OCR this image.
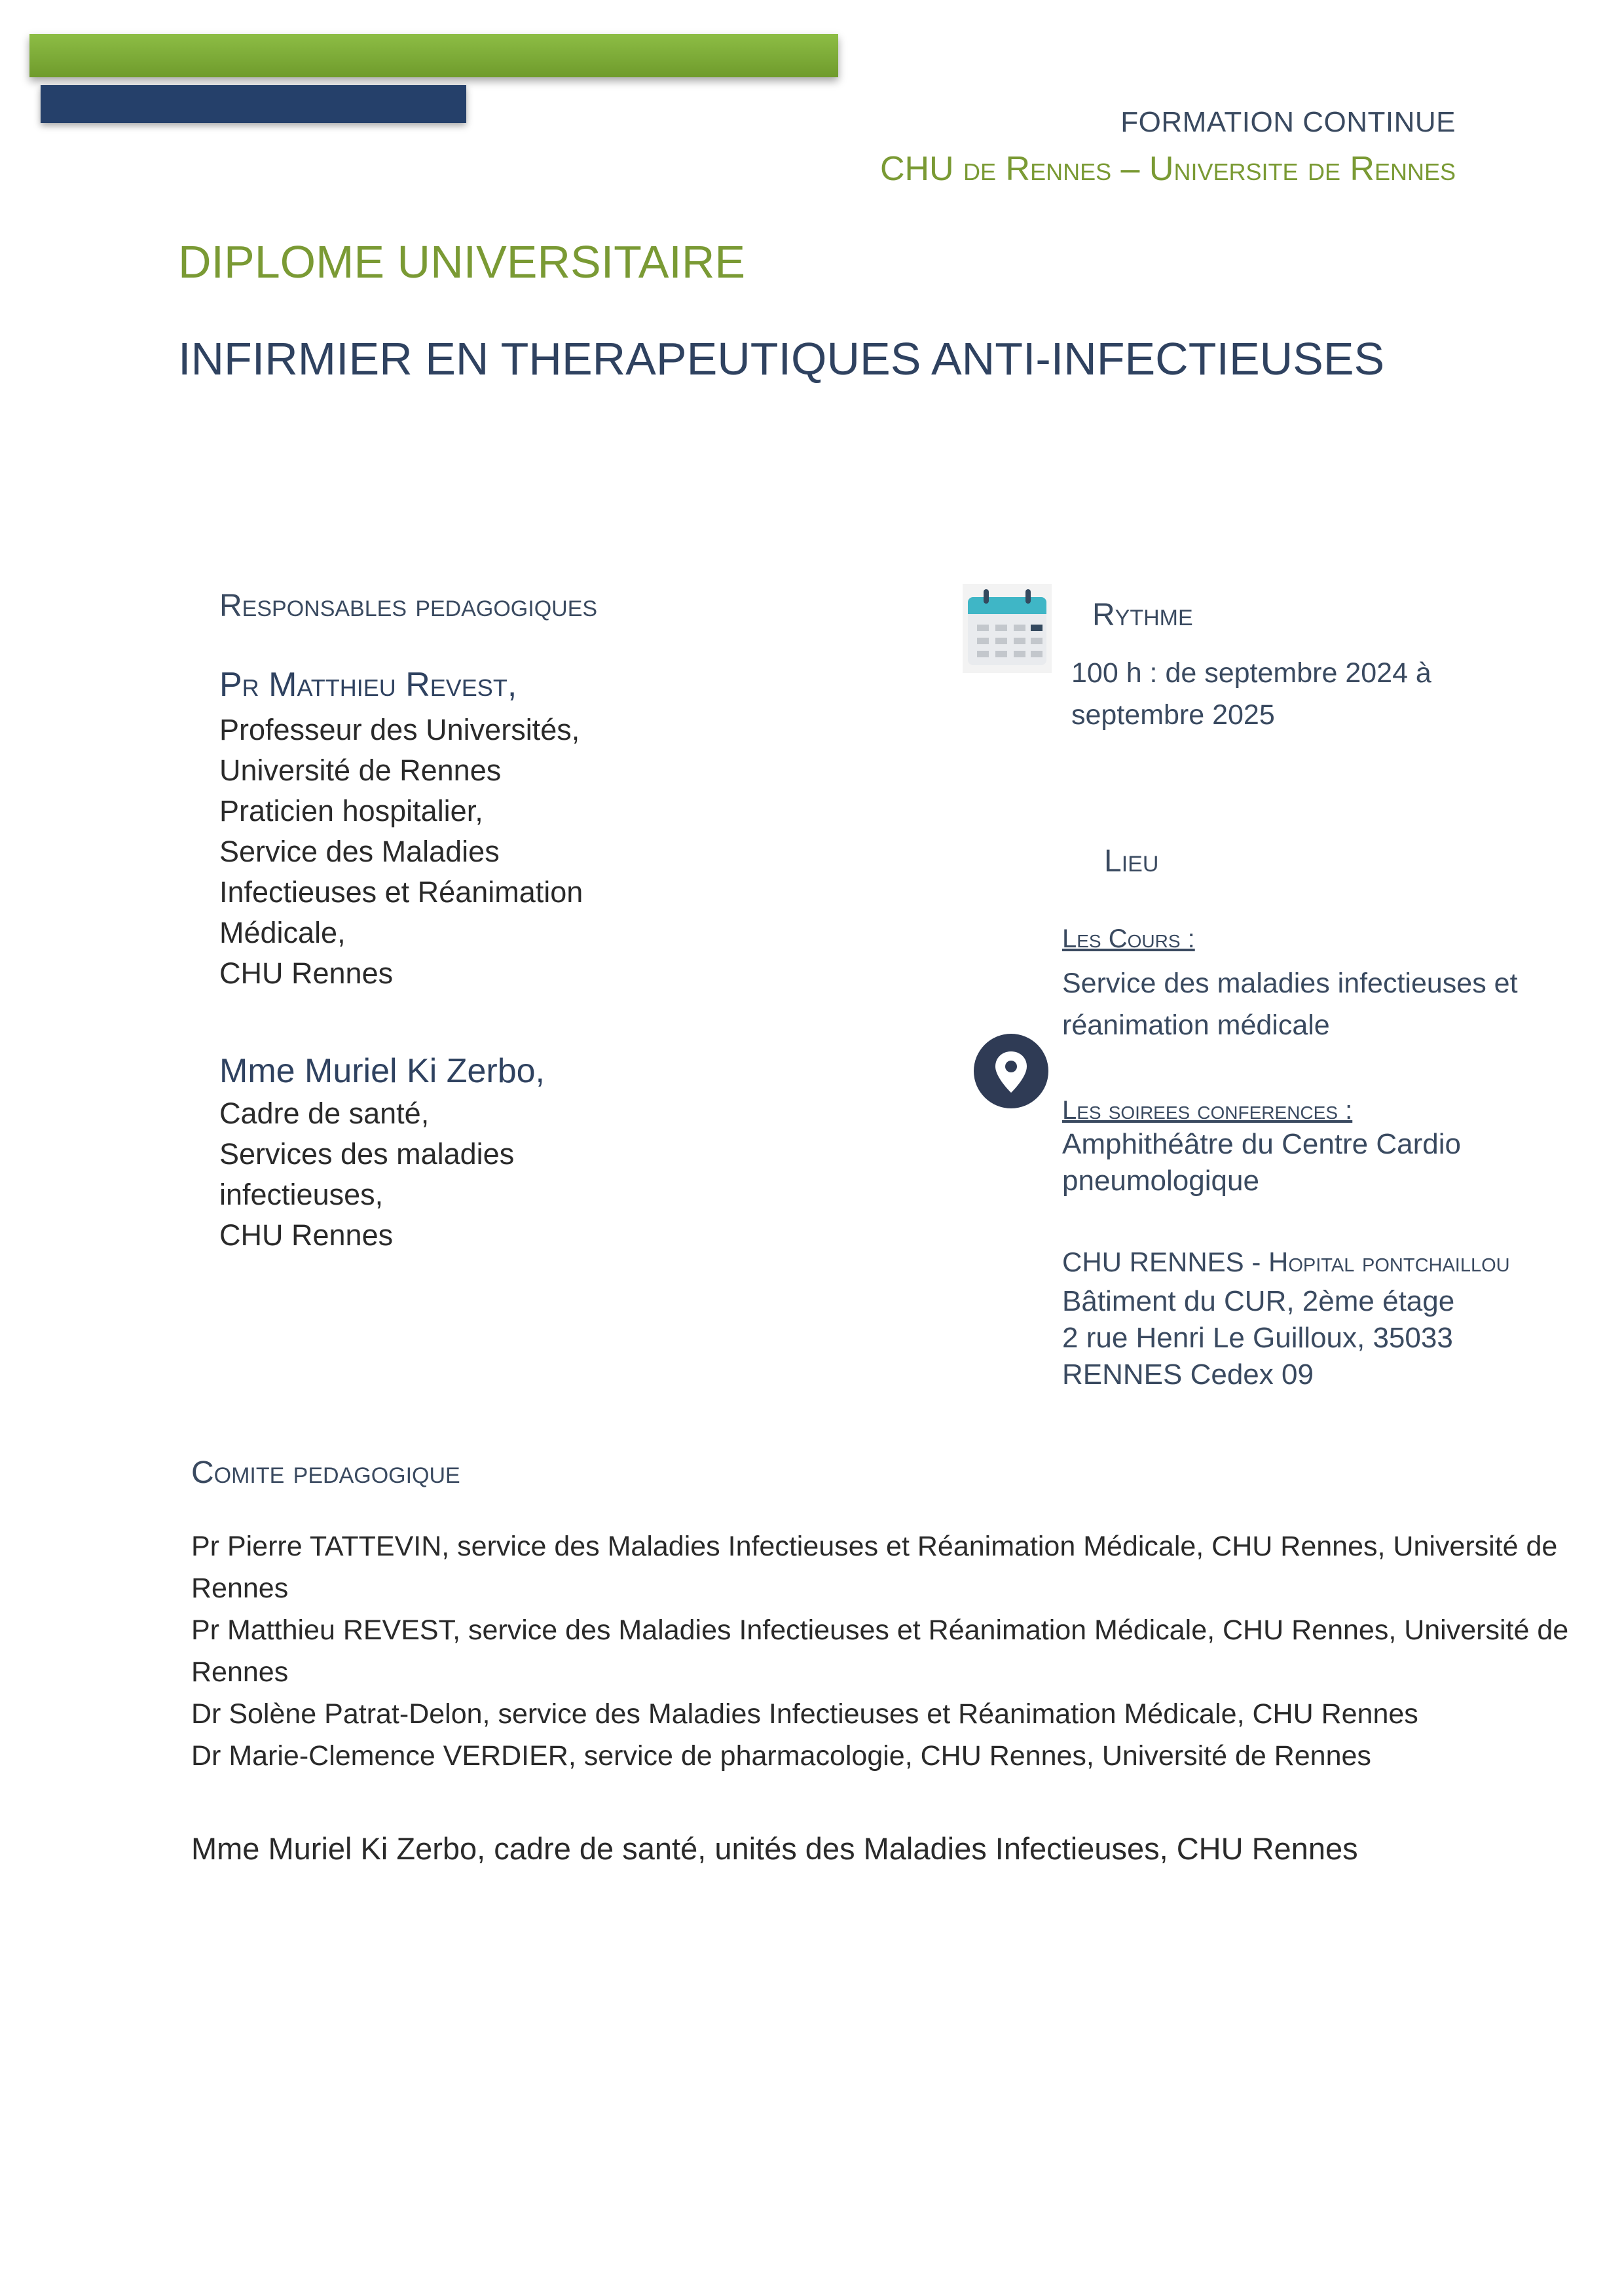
FORMATION CONTINUE
CHU de Rennes – Universite de Rennes
DIPLOME UNIVERSITAIRE
INFIRMIER EN THERAPEUTIQUES ANTI-INFECTIEUSES
Responsables pedagogiques
Pr Matthieu Revest,
Professeur des Universités,
Université de Rennes
Praticien hospitalier,
Service des Maladies
Infectieuses et Réanimation
Médicale,
CHU Rennes
Mme Muriel Ki Zerbo,
Cadre de santé,
Services des maladies
infectieuses,
CHU Rennes
Rythme
100 h : de septembre 2024 à
septembre 2025
Lieu
Les Cours :
Service des maladies infectieuses et
réanimation médicale
Les soirees conferences :
Amphithéâtre du Centre Cardio
pneumologique
CHU RENNES - Hopital pontchaillou
Bâtiment du CUR, 2ème étage
2 rue Henri Le Guilloux, 35033
RENNES Cedex 09
Comite pedagogique
Pr Pierre TATTEVIN, service des Maladies Infectieuses et Réanimation Médicale, CHU Rennes, Université de Rennes
Pr Matthieu REVEST, service des Maladies Infectieuses et Réanimation Médicale, CHU Rennes, Université de Rennes
Dr Solène Patrat-Delon, service des Maladies Infectieuses et Réanimation Médicale, CHU Rennes
Dr Marie-Clemence VERDIER, service de pharmacologie, CHU Rennes, Université de Rennes
Mme Muriel Ki Zerbo, cadre de santé, unités des Maladies Infectieuses, CHU Rennes
